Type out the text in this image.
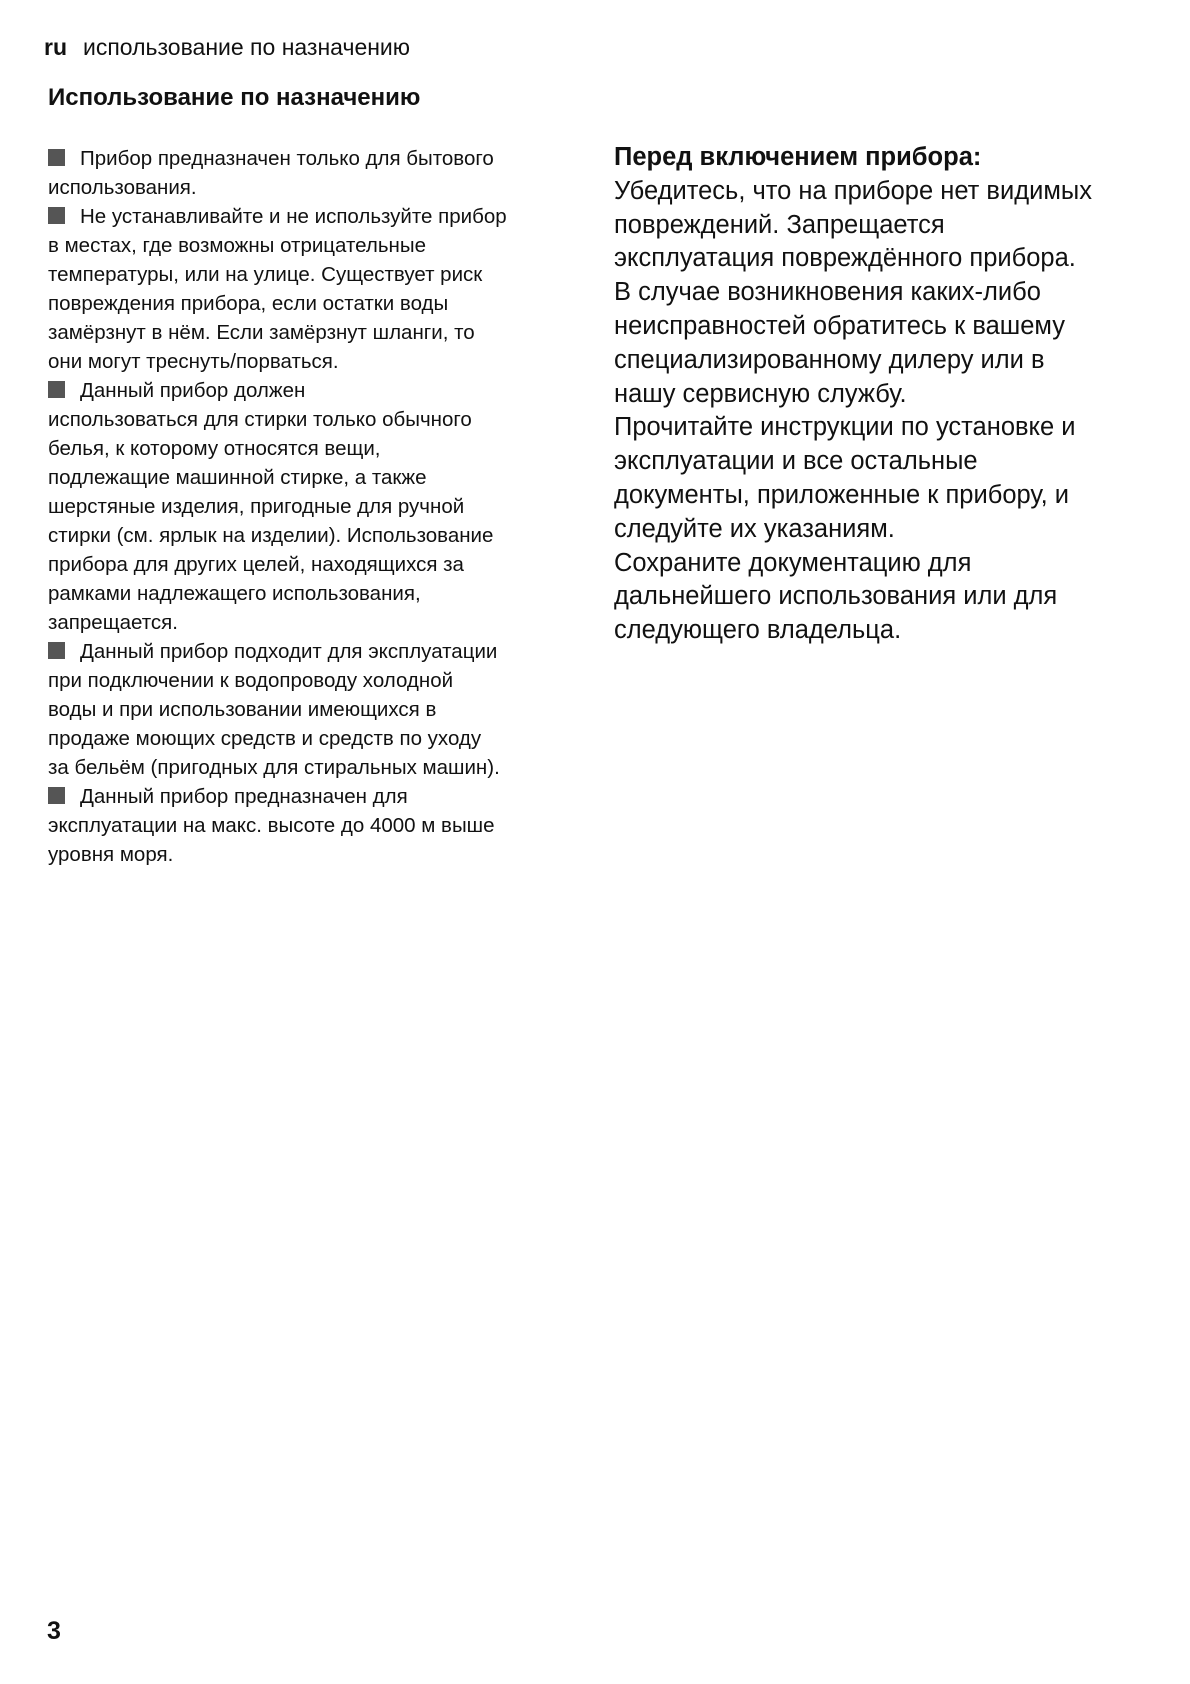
ru использование по назначению
Использование по назначению
Прибор предназначен только для бытового
использования.
Не устанавливайте и не используйте прибор
в местах, где возможны отрицательные
температуры, или на улице. Существует риск
повреждения прибора, если остатки воды
замёрзнут в нём. Если замёрзнут шланги, то
они могут треснуть/порваться.
Данный прибор должен
использоваться для стирки только обычного
белья, к которому относятся вещи,
подлежащие машинной стирке, а также
шерстяные изделия, пригодные для ручной
стирки (см. ярлык на изделии). Использование
прибора для других целей, находящихся за
рамками надлежащего использования,
запрещается.
Данный прибор подходит для эксплуатации
при подключении к водопроводу холодной
воды и при использовании имеющихся в
продаже моющих средств и средств по уходу
за бельём (пригодных для стиральных машин).
Данный прибор предназначен для
эксплуатации на макс. высоте до 4000 м выше
уровня моря.
Перед включением прибора:
Убедитесь, что на приборе нет видимых
повреждений. Запрещается
эксплуатация повреждённого прибора.
В случае возникновения каких-либо
неисправностей обратитесь к вашему
специализированному дилеру или в
нашу сервисную службу.
Прочитайте инструкции по установке и
эксплуатации и все остальные
документы, приложенные к прибору, и
следуйте их указаниям.
Сохраните документацию для
дальнейшего использования или для
следующего владельца.
3
